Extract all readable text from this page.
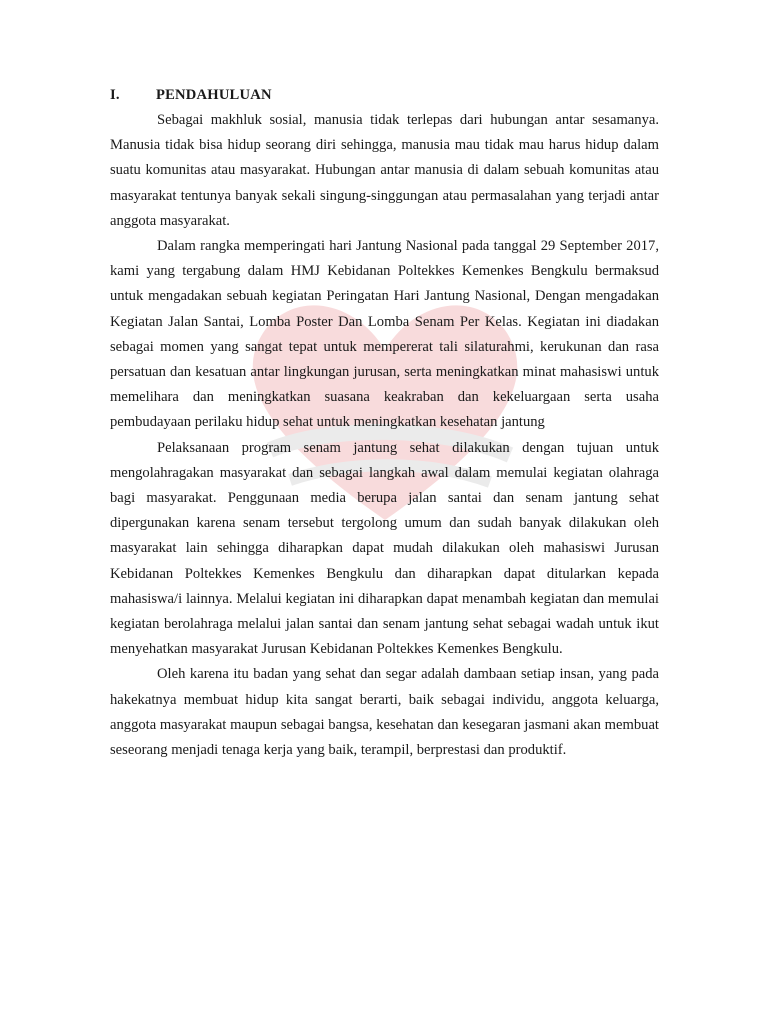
I.	PENDAHULUAN

Sebagai makhluk sosial, manusia tidak terlepas dari hubungan antar sesamanya. Manusia tidak bisa hidup seorang diri sehingga, manusia mau tidak mau harus hidup dalam suatu komunitas atau masyarakat. Hubungan antar manusia di dalam sebuah komunitas atau masyarakat tentunya banyak sekali singung-singgungan atau permasalahan yang terjadi antar anggota masyarakat.

Dalam rangka memperingati hari Jantung Nasional pada tanggal 29 September 2017, kami yang tergabung dalam HMJ Kebidanan Poltekkes Kemenkes Bengkulu bermaksud untuk mengadakan sebuah kegiatan Peringatan Hari Jantung Nasional, Dengan mengadakan Kegiatan Jalan Santai, Lomba Poster Dan Lomba Senam Per Kelas. Kegiatan ini diadakan sebagai momen yang sangat tepat untuk mempererat tali silaturahmi, kerukunan dan rasa persatuan dan kesatuan antar lingkungan jurusan, serta meningkatkan minat mahasiswi untuk memelihara dan meningkatkan suasana keakraban dan kekeluargaan serta usaha pembudayaan perilaku hidup sehat untuk meningkatkan kesehatan jantung

Pelaksanaan program senam jantung sehat dilakukan dengan tujuan untuk mengolahragakan masyarakat dan sebagai langkah awal dalam memulai kegiatan olahraga bagi masyarakat. Penggunaan media berupa jalan santai dan senam jantung sehat dipergunakan karena senam tersebut tergolong umum dan sudah banyak dilakukan oleh masyarakat lain sehingga diharapkan dapat mudah dilakukan oleh mahasiswi Jurusan Kebidanan Poltekkes Kemenkes Bengkulu dan diharapkan dapat ditularkan kepada mahasiswa/i lainnya. Melalui kegiatan ini diharapkan dapat menambah kegiatan dan memulai kegiatan berolahraga melalui jalan santai dan senam jantung sehat sebagai wadah untuk ikut menyehatkan masyarakat Jurusan Kebidanan Poltekkes Kemenkes Bengkulu.

Oleh karena itu badan yang sehat dan segar adalah dambaan setiap insan, yang pada hakekatnya membuat hidup kita sangat berarti, baik sebagai individu, anggota keluarga, anggota masyarakat maupun sebagai bangsa, kesehatan dan kesegaran jasmani akan membuat seseorang menjadi tenaga kerja yang baik, terampil, berprestasi dan produktif.
